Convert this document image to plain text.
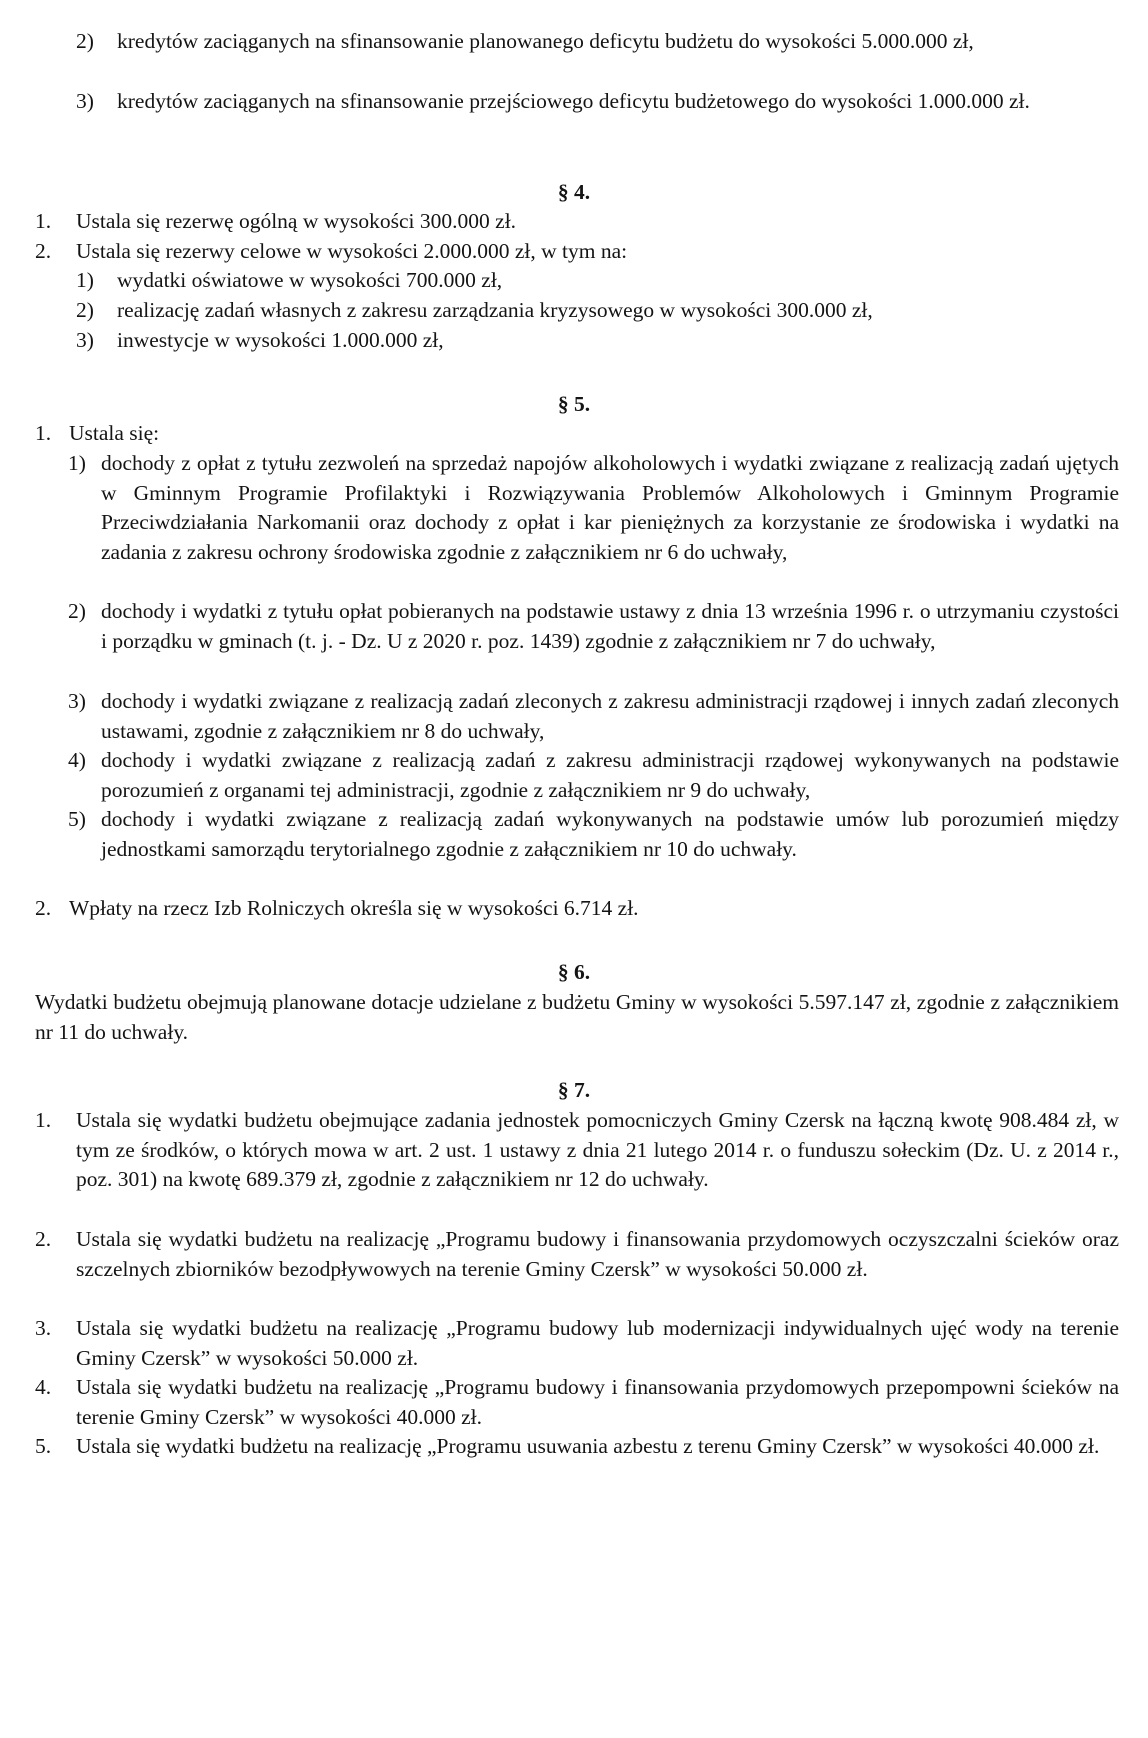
2)	kredytów zaciąganych na sfinansowanie planowanego deficytu budżetu do wysokości 5.000.000 zł,
3)	kredytów zaciąganych na sfinansowanie przejściowego deficytu budżetowego do wysokości 1.000.000 zł.
§ 4.
1.	Ustala się rezerwę ogólną w wysokości 300.000 zł.
2.	Ustala się rezerwy celowe w wysokości 2.000.000 zł, w tym na:
1)	wydatki oświatowe w wysokości 700.000 zł,
2)	realizację zadań własnych z zakresu zarządzania kryzysowego w wysokości 300.000 zł,
3)	inwestycje w wysokości 1.000.000 zł,
§ 5.
1. Ustala się:
1) dochody z opłat z tytułu zezwoleń na sprzedaż napojów alkoholowych i wydatki związane z realizacją zadań ujętych w Gminnym Programie Profilaktyki i Rozwiązywania Problemów Alkoholowych i Gminnym Programie Przeciwdziałania Narkomanii oraz dochody z opłat i kar pieniężnych za korzystanie ze środowiska i wydatki na zadania z zakresu ochrony środowiska zgodnie z załącznikiem nr 6 do uchwały,
2) dochody i wydatki z tytułu opłat pobieranych na podstawie ustawy z dnia 13 września 1996 r. o utrzymaniu czystości i porządku w gminach (t. j. - Dz. U z 2020 r. poz. 1439) zgodnie z załącznikiem nr 7 do uchwały,
3) dochody i wydatki związane z realizacją zadań zleconych z zakresu administracji rządowej i innych zadań zleconych ustawami, zgodnie z załącznikiem nr 8 do uchwały,
4) dochody i wydatki związane z realizacją zadań z zakresu administracji rządowej wykonywanych na podstawie porozumień z organami tej administracji, zgodnie z załącznikiem nr 9 do uchwały,
5) dochody i wydatki związane z realizacją zadań wykonywanych na podstawie umów lub porozumień między jednostkami samorządu terytorialnego zgodnie z załącznikiem nr 10 do uchwały.
2. Wpłaty na rzecz Izb Rolniczych określa się w wysokości 6.714 zł.
§ 6.
Wydatki budżetu obejmują planowane dotacje udzielane z budżetu Gminy w wysokości 5.597.147 zł, zgodnie z załącznikiem nr 11 do uchwały.
§ 7.
1.	Ustala się wydatki budżetu obejmujące zadania jednostek pomocniczych Gminy Czersk na łączną kwotę 908.484 zł, w tym ze środków, o których mowa w art. 2 ust. 1 ustawy z dnia 21 lutego 2014 r. o funduszu sołeckim (Dz. U. z 2014 r., poz. 301) na kwotę 689.379 zł, zgodnie z załącznikiem nr 12 do uchwały.
2.	Ustala się wydatki budżetu na realizację „Programu budowy i finansowania przydomowych oczyszczalni ścieków oraz szczelnych zbiorników bezodpływowych na terenie Gminy Czersk” w wysokości 50.000 zł.
3.	Ustala się wydatki budżetu na realizację „Programu budowy lub modernizacji indywidualnych ujęć wody na terenie Gminy Czersk” w wysokości 50.000 zł.
4.	Ustala się wydatki budżetu na realizację „Programu budowy i finansowania przydomowych przepompowni ścieków na terenie Gminy Czersk” w wysokości 40.000 zł.
5.	Ustala się wydatki budżetu na realizację „Programu usuwania azbestu z terenu Gminy Czersk” w wysokości 40.000 zł.
